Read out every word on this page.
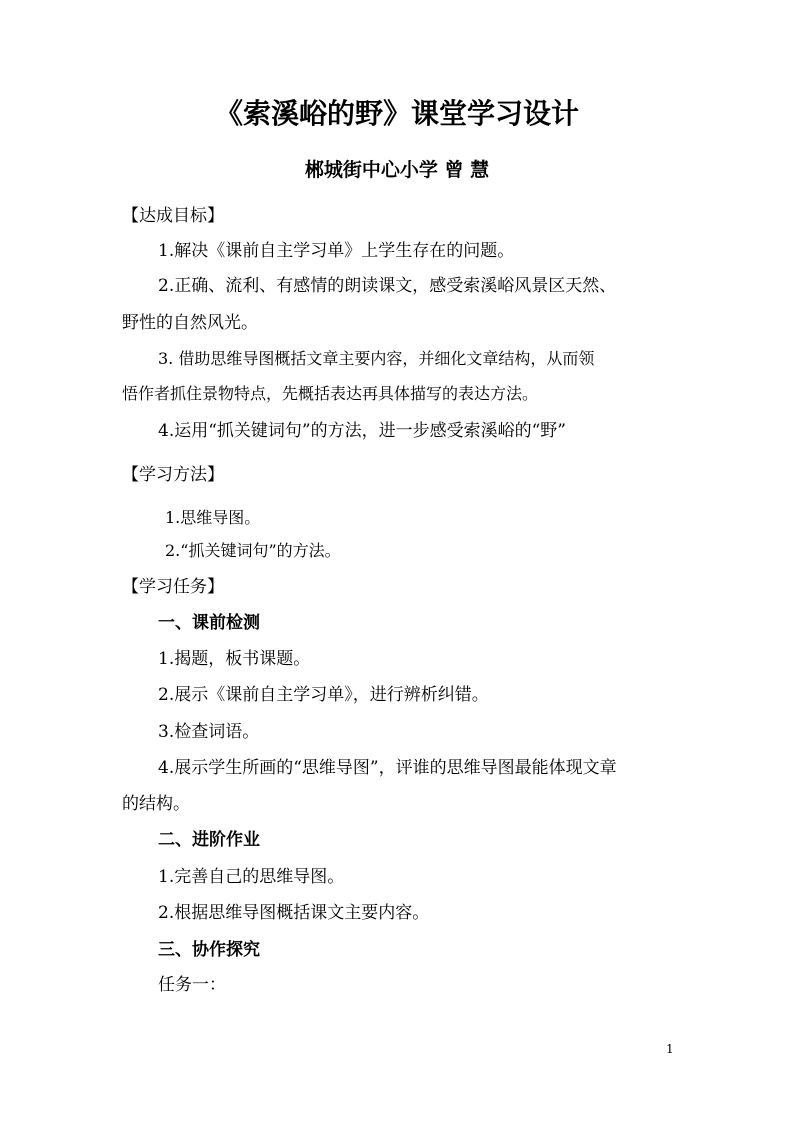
《索溪峪的野》课堂学习设计

郴城街中心小学 曾 慧

【达成目标】

1.解决《课前自主学习单》上学生存在的问题。

2.正确、流利、有感情的朗读课文，感受索溪峪风景区天然、

野性的自然风光。

3. 借助思维导图概括文章主要内容，并细化文章结构，从而领

悟作者抓住景物特点，先概括表达再具体描写的表达方法。

4.运用“抓关键词句”的方法，进一步感受索溪峪的“野”

【学习方法】

1.思维导图。

2.“抓关键词句”的方法。

【学习任务】

一、课前检测

1.揭题，板书课题。

2.展示《课前自主学习单》，进行辨析纠错。

3.检查词语。

4.展示学生所画的“思维导图”，评谁的思维导图最能体现文章

的结构。

二、进阶作业

1.完善自己的思维导图。

2.根据思维导图概括课文主要内容。

三、协作探究

任务一：

1
